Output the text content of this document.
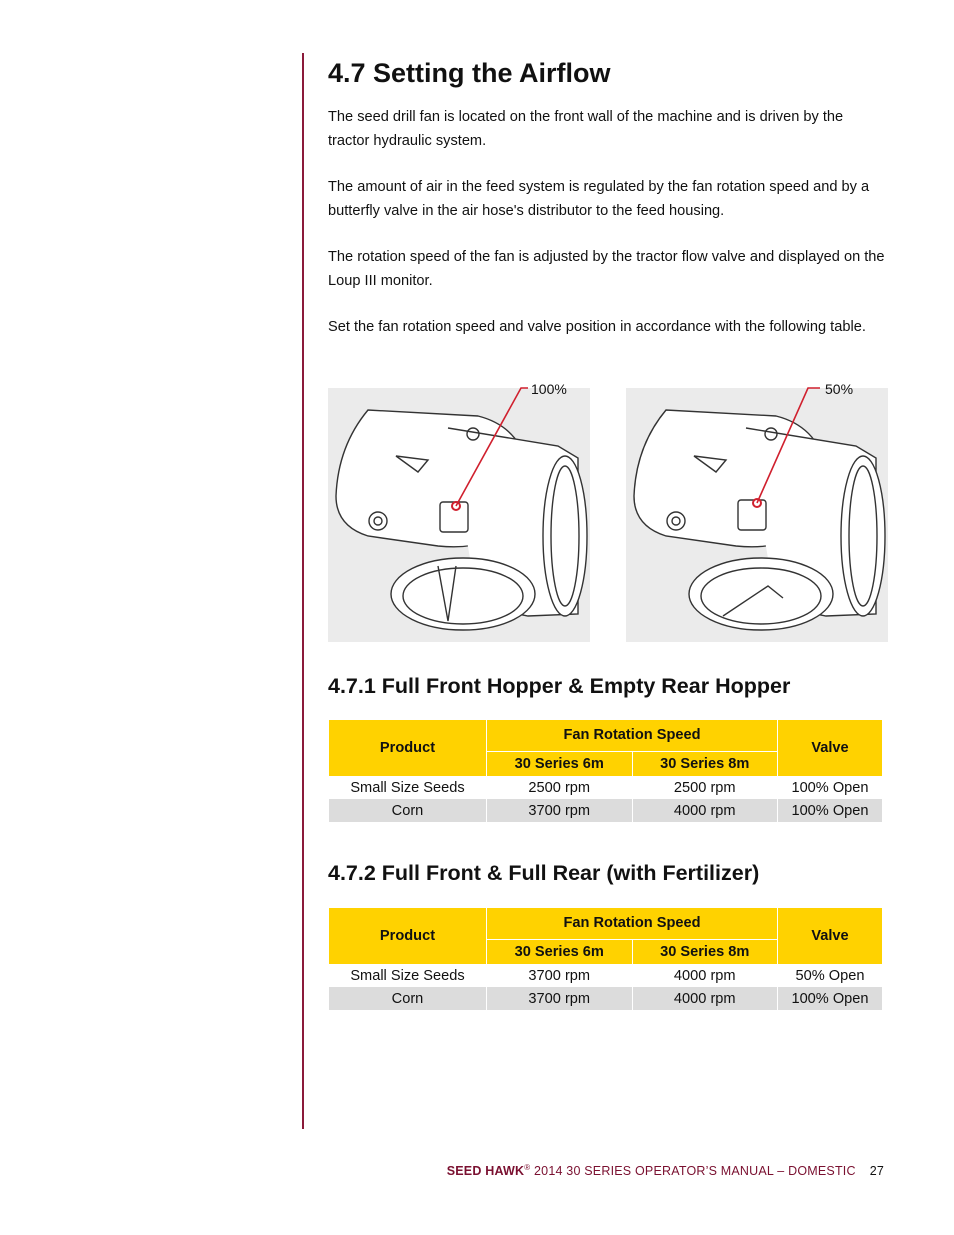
4.7 Setting the Airflow

The seed drill fan is located on the front wall of the machine and is driven by the tractor hydraulic system.

The amount of air in the feed system is regulated by the fan rotation speed and by a butterfly valve in the air hose's distributor to the feed housing.

The rotation speed of the fan is adjusted by the tractor flow valve and displayed on the Loup III monitor.

Set the fan rotation speed and valve position in accordance with the following table.

100%	50%
4.7.1 Full Front Hopper & Empty Rear Hopper
Product	Fan Rotation Speed		Valve
	30 Series 6m	30 Series 8m	
Small Size Seeds	2500 rpm	2500 rpm	100% Open
Corn	3700 rpm	4000 rpm	100% Open
4.7.2 Full Front & Full Rear (with Fertilizer)
Product	Fan Rotation Speed		Valve
	30 Series 6m	30 Series 8m	
Small Size Seeds	3700 rpm	4000 rpm	50% Open
Corn	3700 rpm	4000 rpm	100% Open
SEED HAWK® 2014 30 SERIES OPERATOR’S MANUAL – DOMESTIC 27
